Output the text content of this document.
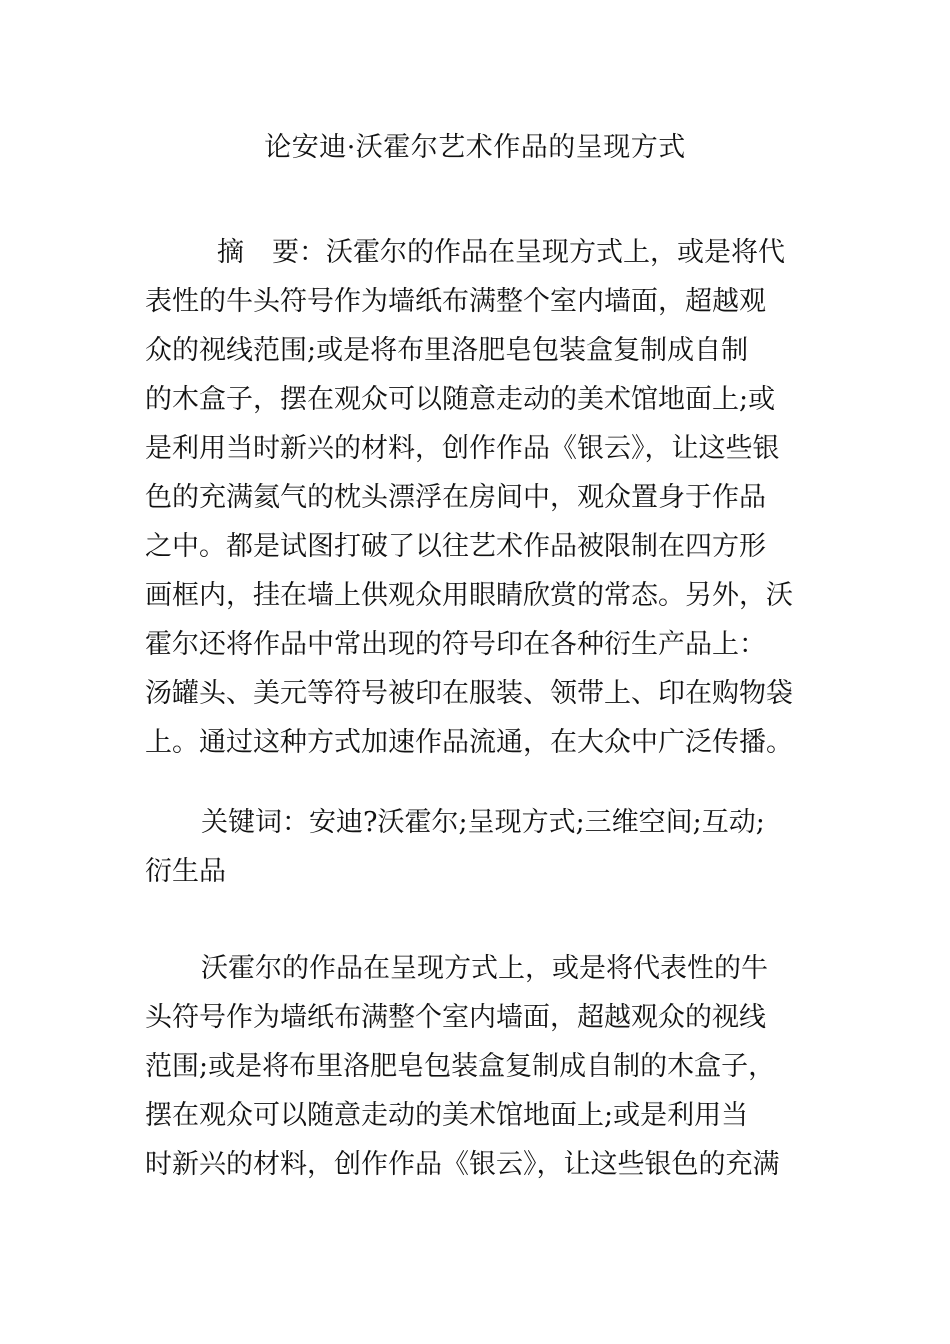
论安迪·沃霍尔艺术作品的呈现方式
摘 要：沃霍尔的作品在呈现方式上，或是将代
表性的牛头符号作为墙纸布满整个室内墙面，超越观
众的视线范围;或是将布里洛肥皂包装盒复制成自制
的木盒子，摆在观众可以随意走动的美术馆地面上;或
是利用当时新兴的材料，创作作品《银云》，让这些银
色的充满氦气的枕头漂浮在房间中，观众置身于作品
之中。都是试图打破了以往艺术作品被限制在四方形
画框内，挂在墙上供观众用眼睛欣赏的常态。另外，沃
霍尔还将作品中常出现的符号印在各种衍生产品上：
汤罐头、美元等符号被印在服装、领带上、印在购物袋
上。通过这种方式加速作品流通，在大众中广泛传播。
关键词：安迪?沃霍尔;呈现方式;三维空间;互动;
衍生品
沃霍尔的作品在呈现方式上，或是将代表性的牛
头符号作为墙纸布满整个室内墙面，超越观众的视线
范围;或是将布里洛肥皂包装盒复制成自制的木盒子，
摆在观众可以随意走动的美术馆地面上;或是利用当
时新兴的材料，创作作品《银云》，让这些银色的充满
